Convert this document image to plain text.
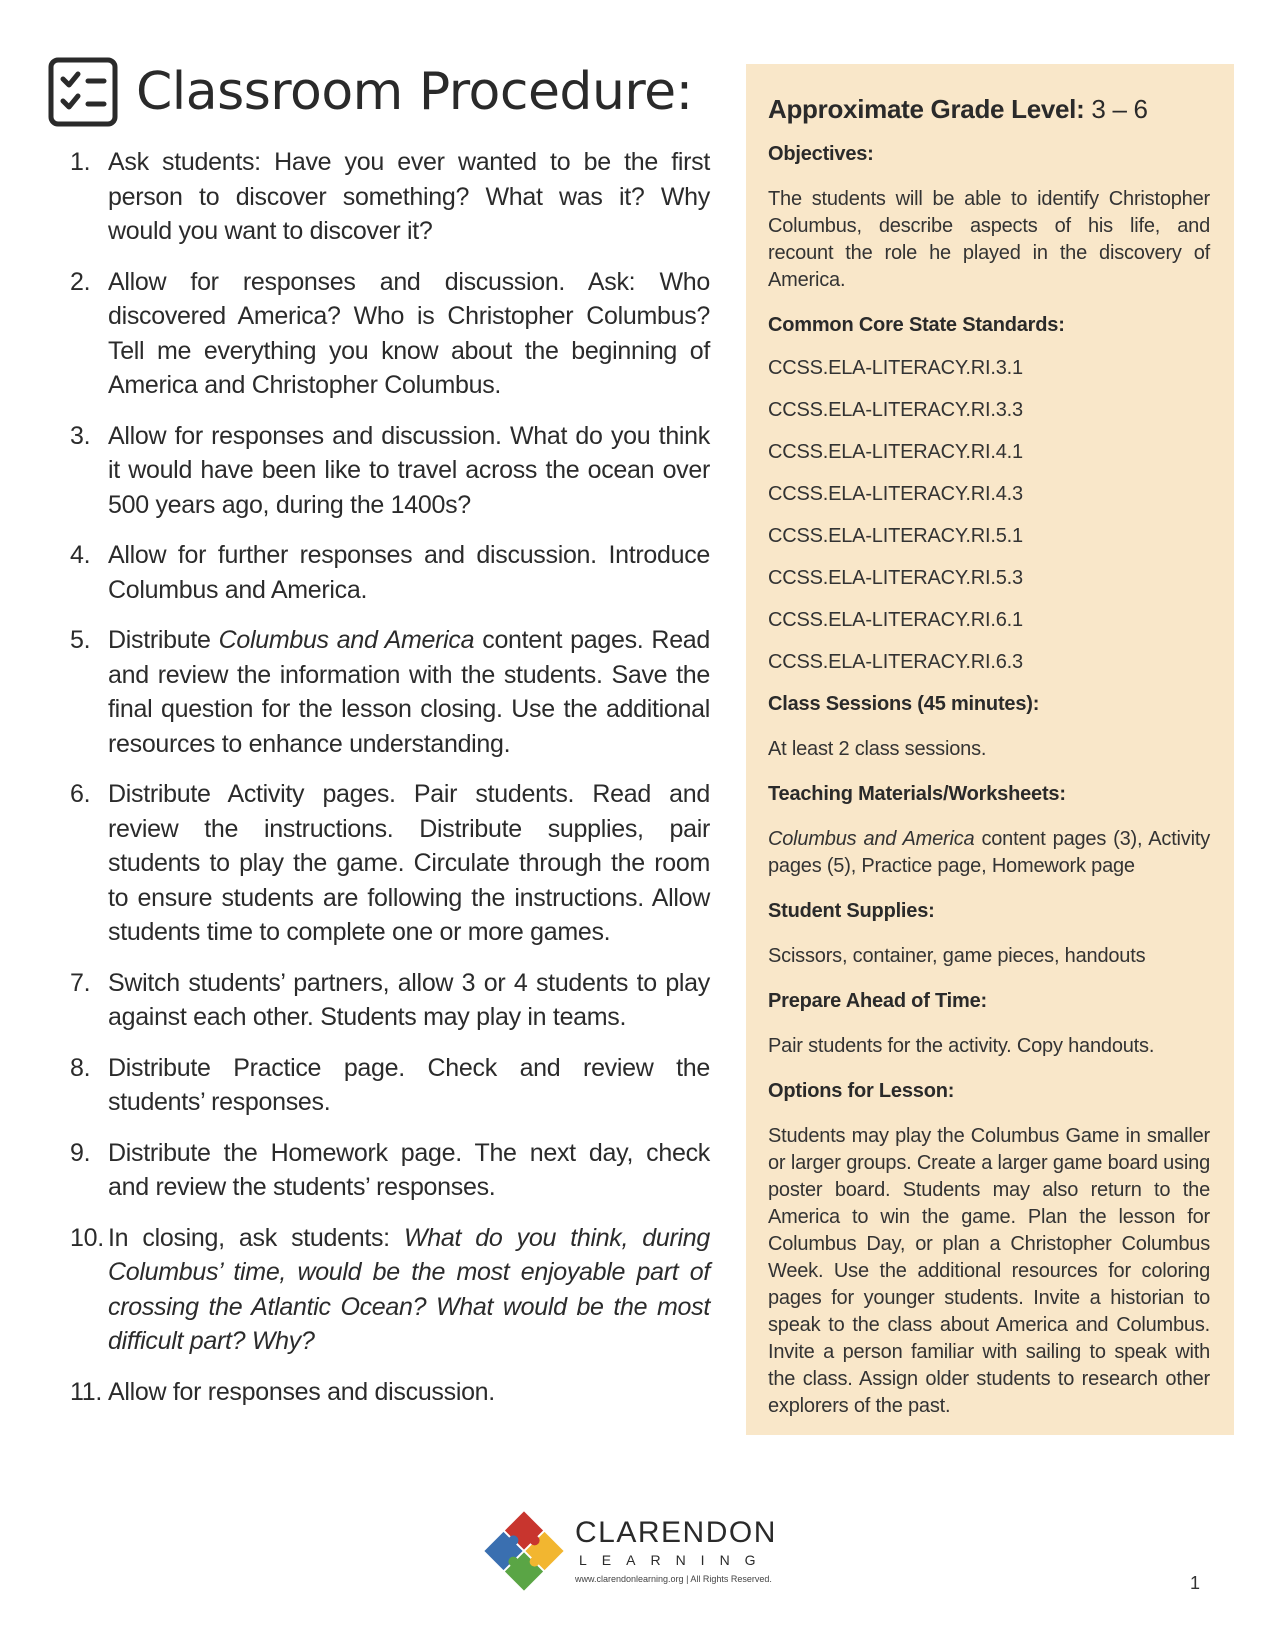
Classroom Procedure:
1. Ask students: Have you ever wanted to be the first person to discover something? What was it? Why would you want to discover it?
2. Allow for responses and discussion. Ask: Who discovered America? Who is Christopher Columbus? Tell me everything you know about the beginning of America and Christopher Columbus.
3. Allow for responses and discussion. What do you think it would have been like to travel across the ocean over 500 years ago, during the 1400s?
4. Allow for further responses and discussion. Introduce Columbus and America.
5. Distribute Columbus and America content pages. Read and review the information with the students. Save the final question for the lesson closing. Use the additional resources to enhance understanding.
6. Distribute Activity pages. Pair students. Read and review the instructions. Distribute supplies, pair students to play the game. Circulate through the room to ensure students are following the instructions. Allow students time to complete one or more games.
7. Switch students’ partners, allow 3 or 4 students to play against each other. Students may play in teams.
8. Distribute Practice page. Check and review the students’ responses.
9. Distribute the Homework page. The next day, check and review the students’ responses.
10. In closing, ask students: What do you think, during Columbus’ time, would be the most enjoyable part of crossing the Atlantic Ocean? What would be the most difficult part? Why?
11. Allow for responses and discussion.
Approximate Grade Level: 3 – 6
Objectives:
The students will be able to identify Christopher Columbus, describe aspects of his life, and recount the role he played in the discovery of America.
Common Core State Standards:
CCSS.ELA-LITERACY.RI.3.1
CCSS.ELA-LITERACY.RI.3.3
CCSS.ELA-LITERACY.RI.4.1
CCSS.ELA-LITERACY.RI.4.3
CCSS.ELA-LITERACY.RI.5.1
CCSS.ELA-LITERACY.RI.5.3
CCSS.ELA-LITERACY.RI.6.1
CCSS.ELA-LITERACY.RI.6.3
Class Sessions (45 minutes):
At least 2 class sessions.
Teaching Materials/Worksheets:
Columbus and America content pages (3), Activity pages (5), Practice page, Homework page
Student Supplies:
Scissors, container, game pieces, handouts
Prepare Ahead of Time:
Pair students for the activity. Copy handouts.
Options for Lesson:
Students may play the Columbus Game in smaller or larger groups. Create a larger game board using poster board. Students may also return to the America to win the game. Plan the lesson for Columbus Day, or plan a Christopher Columbus Week. Use the additional resources for coloring pages for younger students. Invite a historian to speak to the class about America and Columbus. Invite a person familiar with sailing to speak with the class. Assign older students to research other explorers of the past.
CLARENDON
LEARNING
www.clarendonlearning.org | All Rights Reserved.	1
